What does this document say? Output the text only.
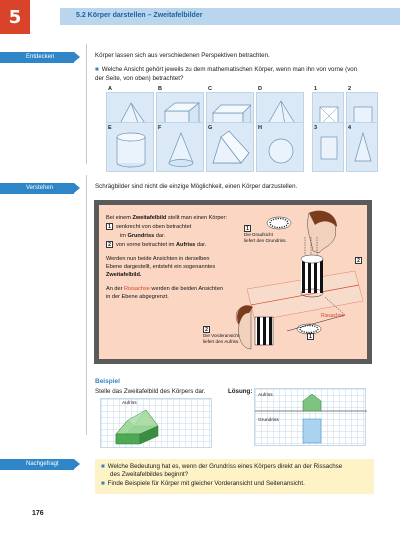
5	5.2 Körper darstellen – Zweitafelbilder
Entdecken	Körper lassen sich aus verschiedenen Perspektiven betrachten.
■ Welche Ansicht gehört jeweils zu dem mathematischen Körper, wenn man ihn von vorne (von der Seite, von oben) betrachtet?
A	B	C	D	1	2
E	F	G	H	3	4
Verstehen	Schrägbilder sind nicht die einzige Möglichkeit, einen Körper darzustellen.
Bei einem Zweitafelbild stellt man einen Körper:
1 senkrecht von oben betrachtet
im Grundriss dar.
2 von vorne betrachtet im Aufriss dar.
Werden nun beide Ansichten in derselben
Ebene dargestellt, entsteht ein sogenanntes
Zweitafelbild.
An der Rissachse werden die beiden Ansichten
in der Ebene abgegrenzt.
1
Die Draufsicht
liefert den Grundriss.
2
Die Vorderansicht
liefert den Aufriss.
Rissachse
2
1
Beispiel
Stelle das Zweitafelbild des Körpers dar.	Lösung:
Aufriss
Aufriss
Grundriss
Nachgefragt	■ Welche Bedeutung hat es, wenn der Grundriss eines Körpers direkt an der Rissachse
des Zweitafelbildes beginnt?
■ Finde Beispiele für Körper mit gleicher Vorderansicht und Seitenansicht.
176
